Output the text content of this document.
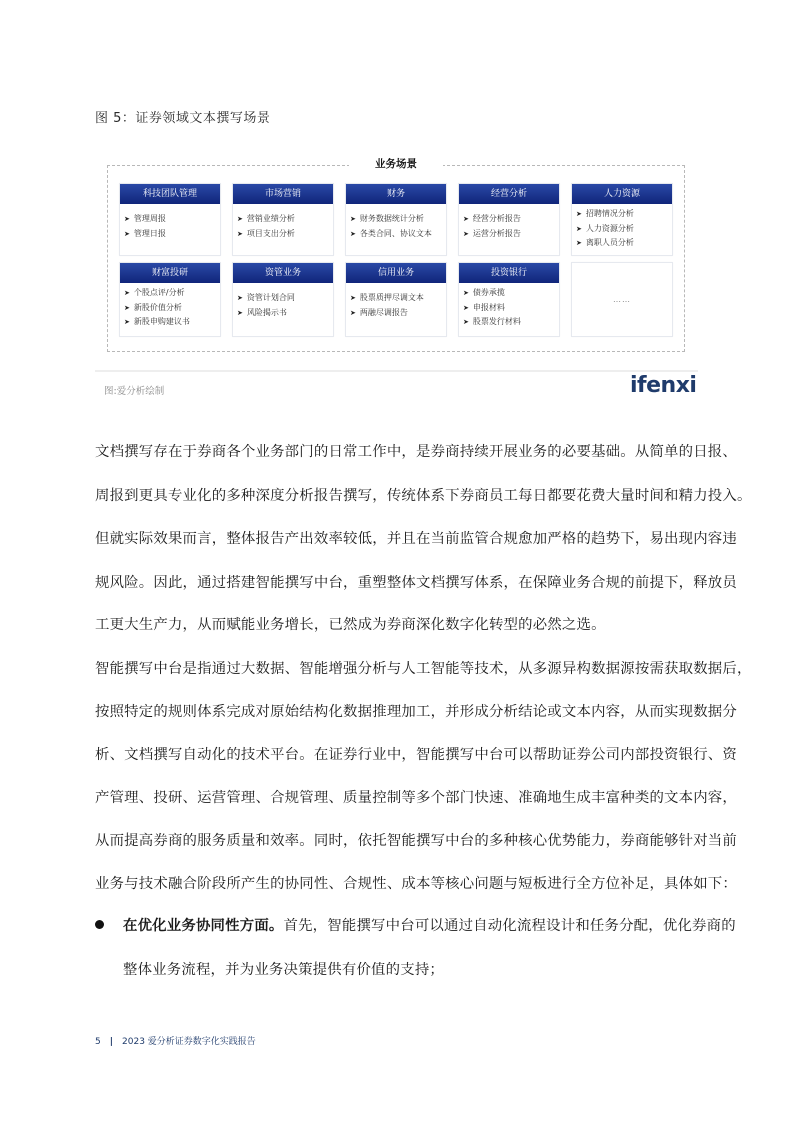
图 5：证券领域文本撰写场景
业务场景
科技团队管理
➤ 管理周报
➤ 管理日报
市场营销
➤ 营销业绩分析
➤ 项目支出分析
财务
➤ 财务数据统计分析
➤ 各类合同、协议文本
经营分析
➤ 经营分析报告
➤ 运营分析报告
人力资源
➤ 招聘情况分析
➤ 人力资源分析
➤ 离职人员分析
财富投研
➤ 个股点评/分析
➤ 新股价值分析
➤ 新股申购建议书
资管业务
➤ 资管计划合同
➤ 风险揭示书
信用业务
➤ 股票质押尽调文本
➤ 两融尽调报告
投资银行
➤ 债券承揽
➤ 申报材料
➤ 股票发行材料
……
图:爱分析绘制	ifenxi
文档撰写存在于券商各个业务部门的日常工作中，是券商持续开展业务的必要基础。从简单的日报、
周报到更具专业化的多种深度分析报告撰写，传统体系下券商员工每日都要花费大量时间和精力投入。
但就实际效果而言，整体报告产出效率较低，并且在当前监管合规愈加严格的趋势下，易出现内容违
规风险。因此，通过搭建智能撰写中台，重塑整体文档撰写体系，在保障业务合规的前提下，释放员
工更大生产力，从而赋能业务增长，已然成为券商深化数字化转型的必然之选。
智能撰写中台是指通过大数据、智能增强分析与人工智能等技术，从多源异构数据源按需获取数据后，
按照特定的规则体系完成对原始结构化数据推理加工，并形成分析结论或文本内容，从而实现数据分
析、文档撰写自动化的技术平台。在证券行业中，智能撰写中台可以帮助证券公司内部投资银行、资
产管理、投研、运营管理、合规管理、质量控制等多个部门快速、准确地生成丰富种类的文本内容，
从而提高券商的服务质量和效率。同时，依托智能撰写中台的多种核心优势能力，券商能够针对当前
业务与技术融合阶段所产生的协同性、合规性、成本等核心问题与短板进行全方位补足，具体如下：
在优化业务协同性方面。首先，智能撰写中台可以通过自动化流程设计和任务分配，优化券商的
整体业务流程，并为业务决策提供有价值的支持；
5 | 2023 爱分析证券数字化实践报告
